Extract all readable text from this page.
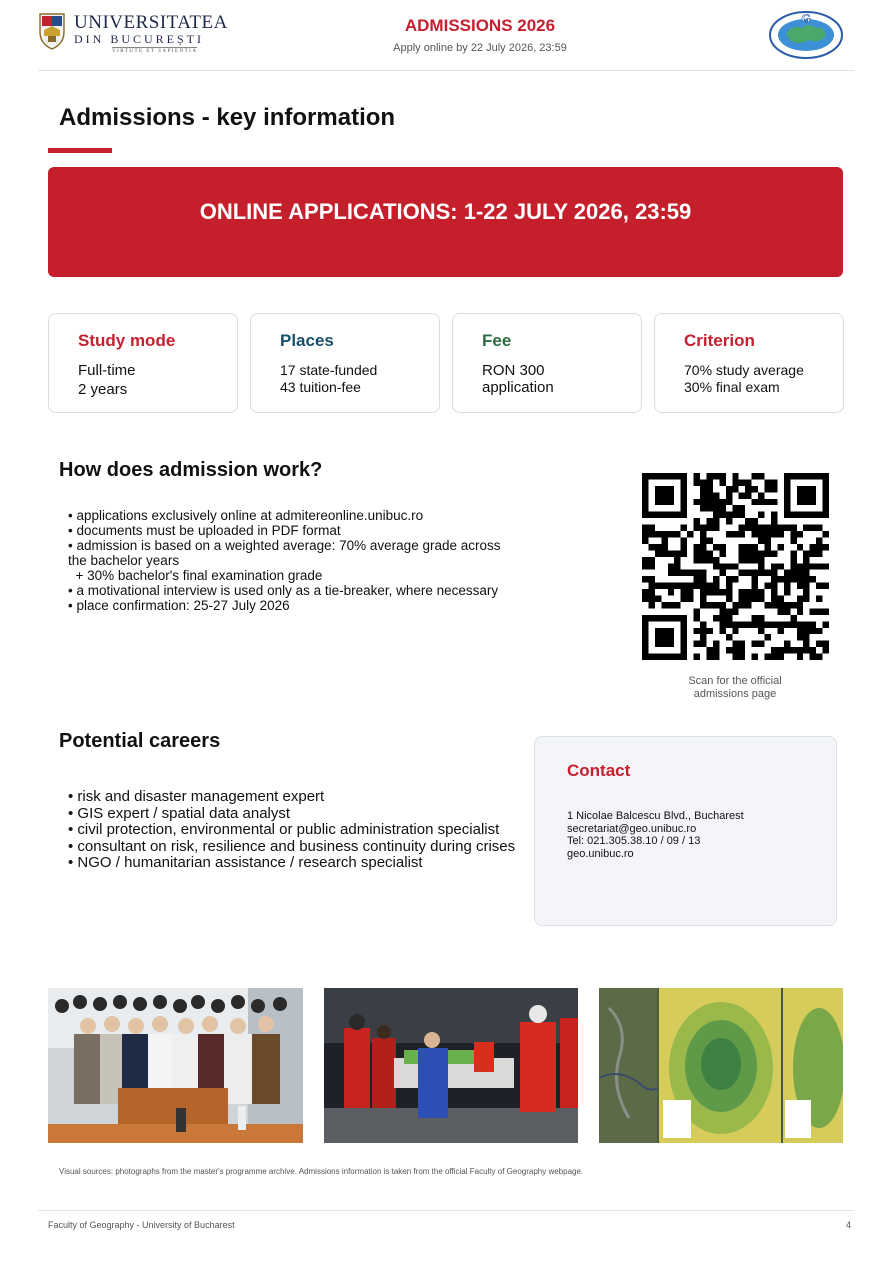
UNIVERSITATEA
DIN BUCUREȘTI
VIRTUTE ET SAPIENTIA
ADMISSIONS 2026
Apply online by 22 July 2026, 23:59
G
Admissions - key information
ONLINE APPLICATIONS: 1-22 JULY 2026, 23:59
Study mode
Full-time
2 years
Places
17 state-funded
43 tuition-fee
Fee
RON 300
application
Criterion
70% study average
30% final exam
How does admission work?
• applications exclusively online at admitereonline.unibuc.ro
• documents must be uploaded in PDF format
• admission is based on a weighted average: 70% average grade across the bachelor years
+ 30% bachelor's final examination grade
• a motivational interview is used only as a tie-breaker, where necessary
• place confirmation: 25-27 July 2026
Scan for the official admissions page
Potential careers
• risk and disaster management expert
• GIS expert / spatial data analyst
• civil protection, environmental or public administration specialist
• consultant on risk, resilience and business continuity during crises
• NGO / humanitarian assistance / research specialist
Contact
1 Nicolae Balcescu Blvd., Bucharest
secretariat@geo.unibuc.ro
Tel: 021.305.38.10 / 09 / 13
geo.unibuc.ro
Visual sources: photographs from the master's programme archive. Admissions information is taken from the official Faculty of Geography webpage.
Faculty of Geography - University of Bucharest	4
